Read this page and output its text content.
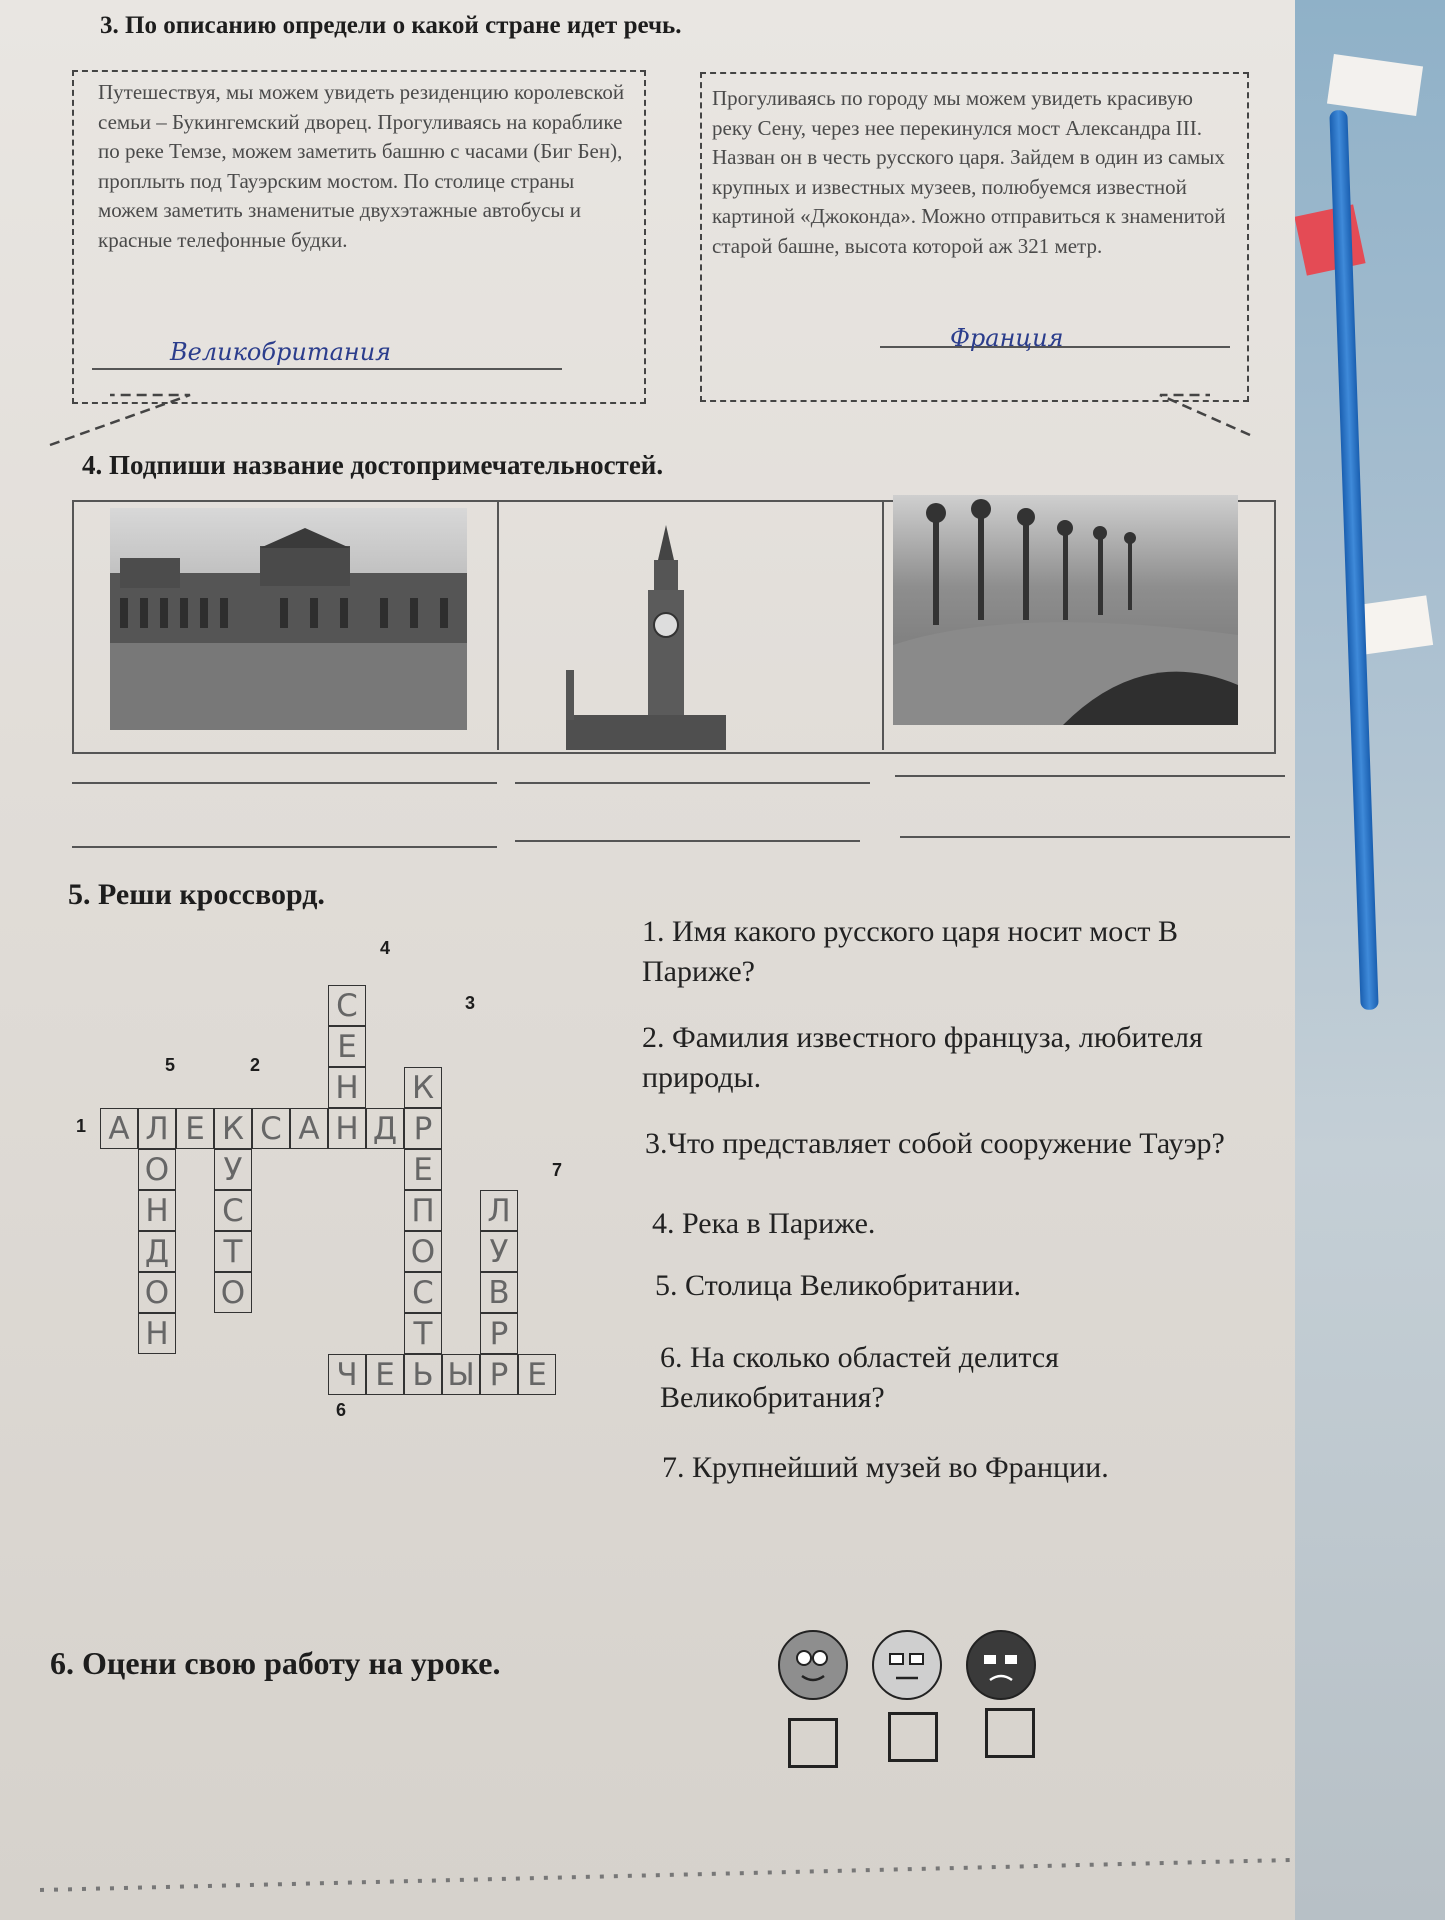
3. По описанию определи о какой стране идет речь.
Путешествуя, мы можем увидеть резиденцию королевской семьи – Букингемский дворец. Прогуливаясь на кораблике по реке Темзе, можем заметить башню с часами (Биг Бен), проплыть под Тауэрским мостом. По столице страны можем заметить знаменитые двухэтажные автобусы и красные телефонные будки.
Великобритания
Прогуливаясь по городу мы можем увидеть красивую реку Сену, через нее перекинулся мост Александра III. Назван он в честь русского царя. Зайдем в один из самых крупных и известных музеев, полюбуемся известной картиной «Джоконда». Можно отправиться к знаменитой старой башне, высота которой аж 321 метр.
Франция
4. Подпиши название достопримечательностей.
5. Реши кроссворд.
А Л Е К С А Н Д Р
С
Е
Н К
Е
П
О
С
Т
Ь
О
Н
Д
О
Н
У
С
Т
О
Л
У
В
Р
Ч Е Ы Р Е
4
3
5	2
1
7
6
1. Имя какого русского царя носит мост В Париже?
2. Фамилия известного француза, любителя природы.
3.Что представляет собой сооружение Тауэр?
4. Река в Париже.
5. Столица Великобритании.
6. На сколько областей делится Великобритания?
7. Крупнейший музей во Франции.
6. Оцени свою работу на уроке.
